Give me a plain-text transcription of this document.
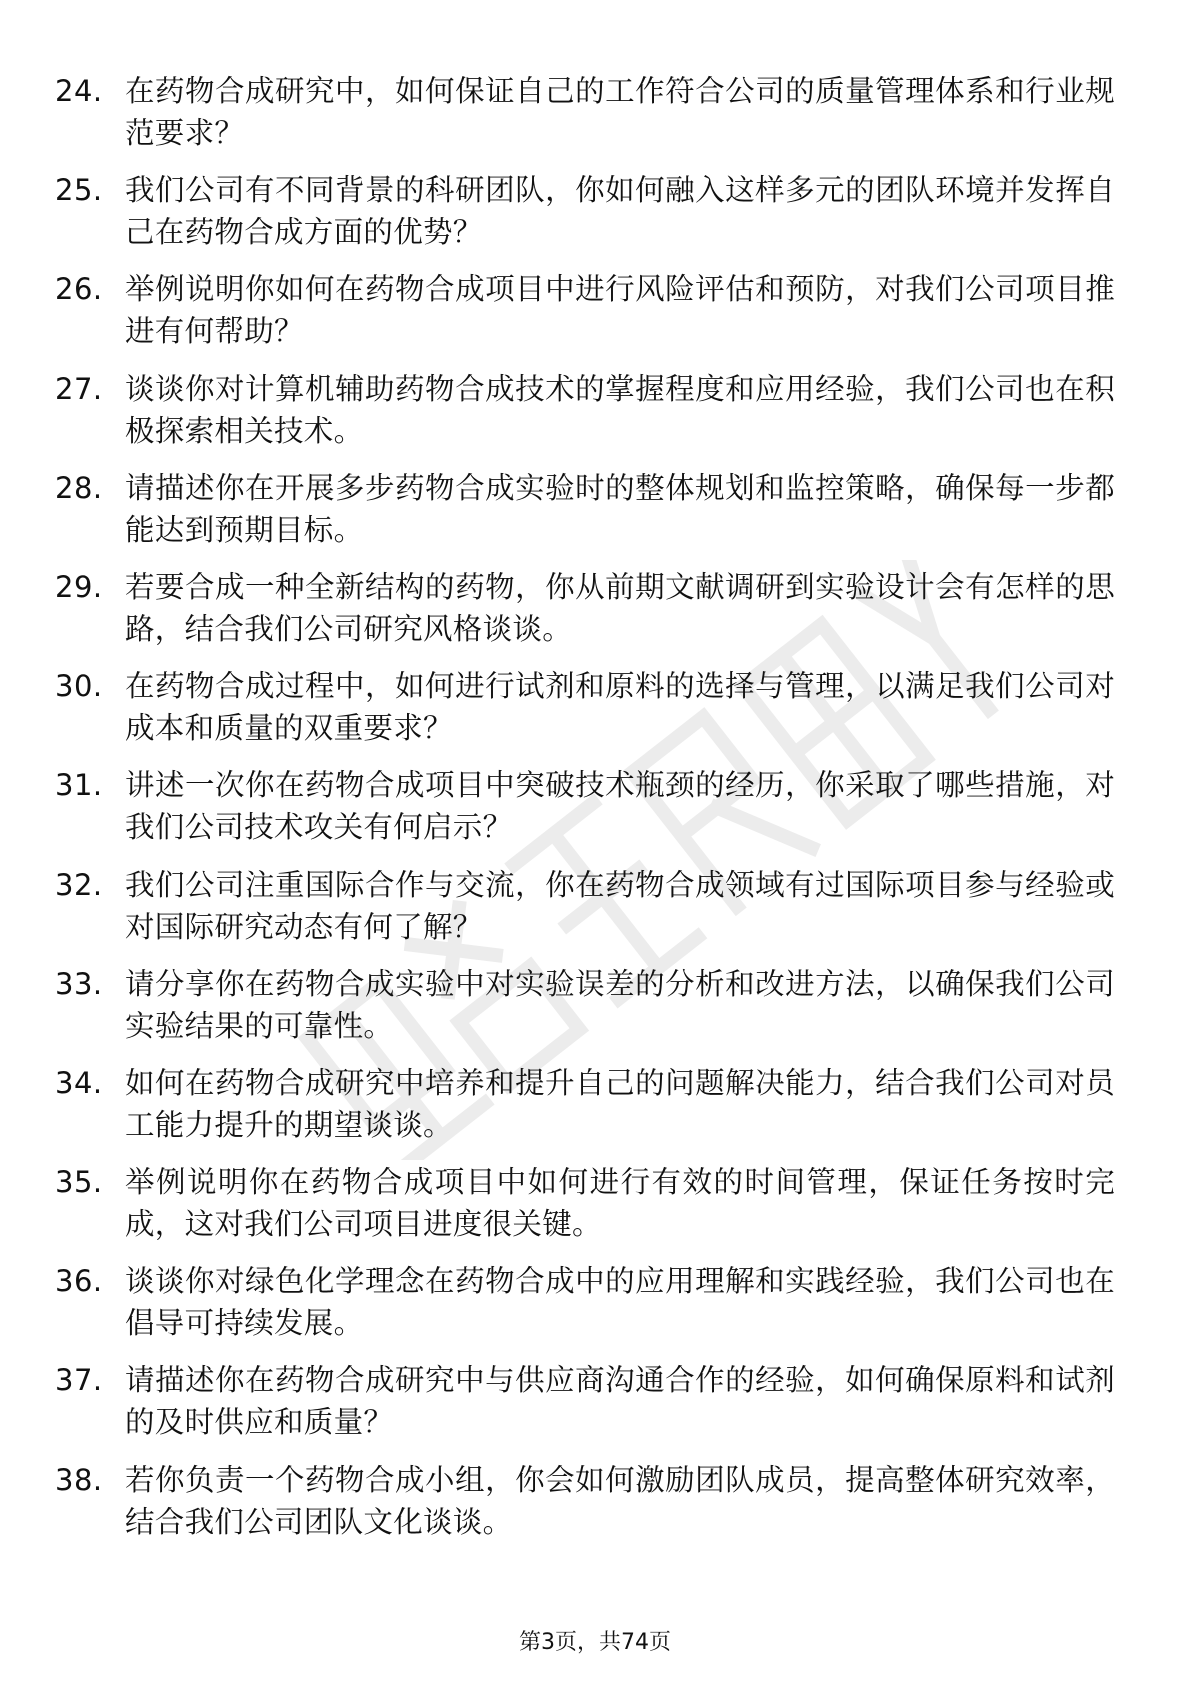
24. 在药物合成研究中，如何保证自己的工作符合公司的质量管理体系和行业规范要求？
25. 我们公司有不同背景的科研团队，你如何融入这样多元的团队环境并发挥自己在药物合成方面的优势？
26. 举例说明你如何在药物合成项目中进行风险评估和预防，对我们公司项目推进有何帮助？
27. 谈谈你对计算机辅助药物合成技术的掌握程度和应用经验，我们公司也在积极探索相关技术。
28. 请描述你在开展多步药物合成实验时的整体规划和监控策略，确保每一步都能达到预期目标。
29. 若要合成一种全新结构的药物，你从前期文献调研到实验设计会有怎样的思路，结合我们公司研究风格谈谈。
30. 在药物合成过程中，如何进行试剂和原料的选择与管理，以满足我们公司对成本和质量的双重要求？
31. 讲述一次你在药物合成项目中突破技术瓶颈的经历，你采取了哪些措施，对我们公司技术攻关有何启示？
32. 我们公司注重国际合作与交流，你在药物合成领域有过国际项目参与经验或对国际研究动态有何了解？
33. 请分享你在药物合成实验中对实验误差的分析和改进方法，以确保我们公司实验结果的可靠性。
34. 如何在药物合成研究中培养和提升自己的问题解决能力，结合我们公司对员工能力提升的期望谈谈。
35. 举例说明你在药物合成项目中如何进行有效的时间管理，保证任务按时完成，这对我们公司项目进度很关键。
36. 谈谈你对绿色化学理念在药物合成中的应用理解和实践经验，我们公司也在倡导可持续发展。
37. 请描述你在药物合成研究中与供应商沟通合作的经验，如何确保原料和试剂的及时供应和质量？
38. 若你负责一个药物合成小组，你会如何激励团队成员，提高整体研究效率，结合我们公司团队文化谈谈。
第3页，共74页
